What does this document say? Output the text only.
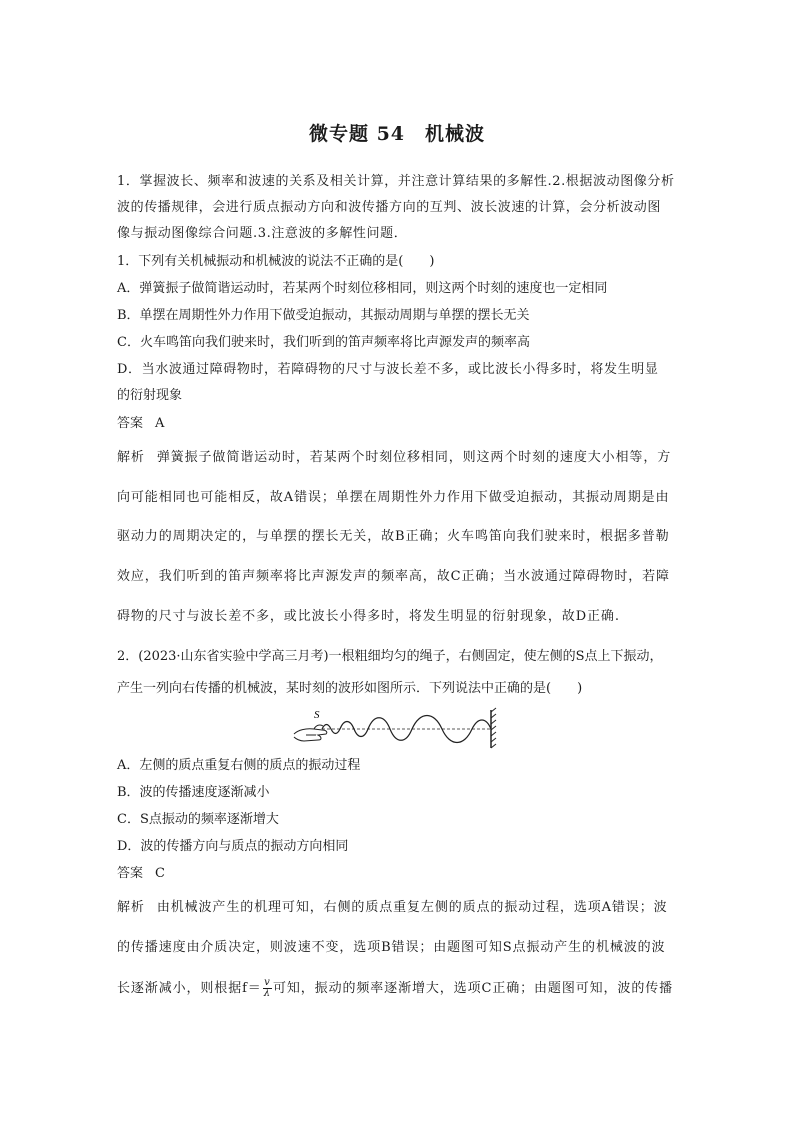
微专题 54　机械波
1．掌握波长、频率和波速的关系及相关计算，并注意计算结果的多解性.2.根据波动图像分析
波的传播规律，会进行质点振动方向和波传播方向的互判、波长波速的计算，会分析波动图
像与振动图像综合问题.3.注意波的多解性问题．
1．下列有关机械振动和机械波的说法不正确的是(　　)
A．弹簧振子做简谐运动时，若某两个时刻位移相同，则这两个时刻的速度也一定相同
B．单摆在周期性外力作用下做受迫振动，其振动周期与单摆的摆长无关
C．火车鸣笛向我们驶来时，我们听到的笛声频率将比声源发声的频率高
D．当水波通过障碍物时，若障碍物的尺寸与波长差不多，或比波长小得多时，将发生明显
的衍射现象
答案 A
解析 弹簧振子做简谐运动时，若某两个时刻位移相同，则这两个时刻的速度大小相等，方
向可能相同也可能相反，故A错误；单摆在周期性外力作用下做受迫振动，其振动周期是由
驱动力的周期决定的，与单摆的摆长无关，故B正确；火车鸣笛向我们驶来时，根据多普勒
效应，我们听到的笛声频率将比声源发声的频率高，故C正确；当水波通过障碍物时，若障
碍物的尺寸与波长差不多，或比波长小得多时，将发生明显的衍射现象，故D正确.
2．(2023·山东省实验中学高三月考)一根粗细均匀的绳子，右侧固定，使左侧的S点上下振动，
产生一列向右传播的机械波，某时刻的波形如图所示．下列说法中正确的是(　　)
S
A．左侧的质点重复右侧的质点的振动过程
B．波的传播速度逐渐减小
C．S点振动的频率逐渐增大
D．波的传播方向与质点的振动方向相同
答案 C
解析 由机械波产生的机理可知，右侧的质点重复左侧的质点的振动过程，选项A错误；波
的传播速度由介质决定，则波速不变，选项B错误；由题图可知S点振动产生的机械波的波
长逐渐减小，则根据$f= \frac{v}{\lambda}$ 可知，振动的频率逐渐增大，选项C正确；由题图可知，波的传播
